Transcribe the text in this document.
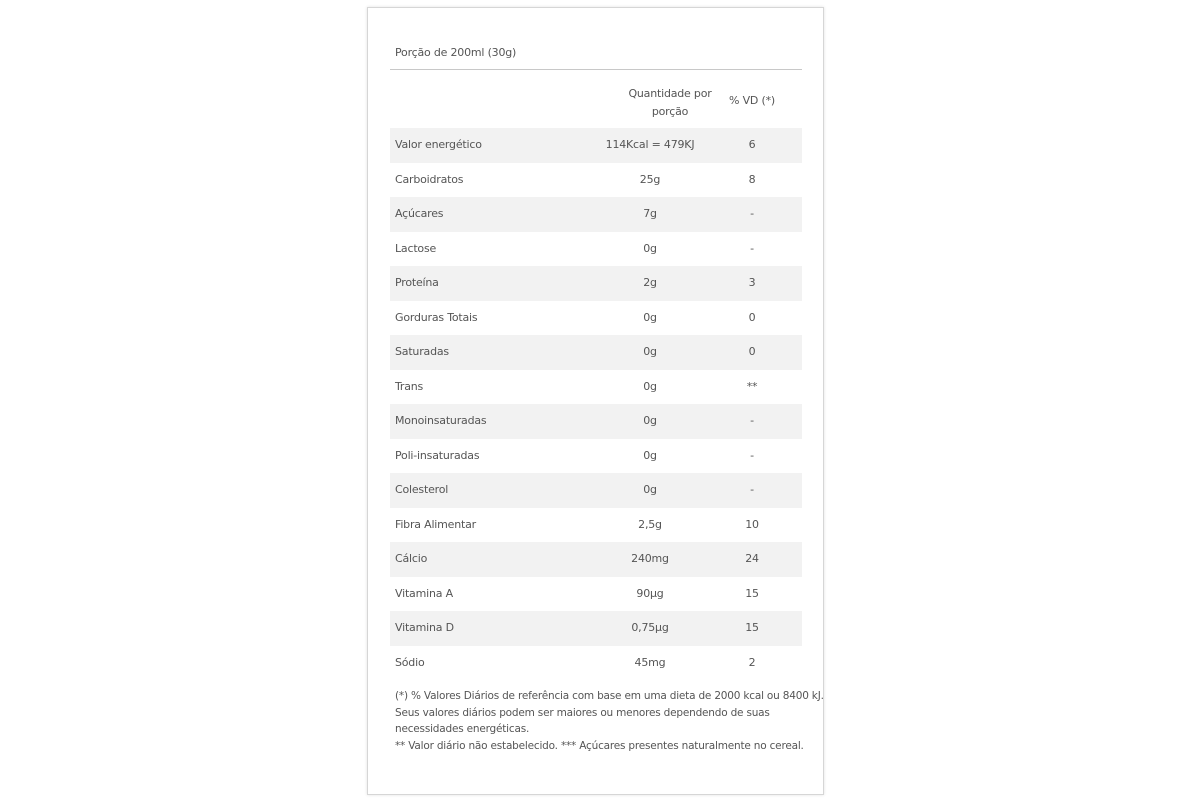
Porção de 200ml (30g)
Quantidade por
porção
% VD (*)
Valor energético	114Kcal = 479KJ	6
Carboidratos	25g	8
Açúcares	7g	-
Lactose	0g	-
Proteína	2g	3
Gorduras Totais	0g	0
Saturadas	0g	0
Trans	0g	**
Monoinsaturadas	0g	-
Poli-insaturadas	0g	-
Colesterol	0g	-
Fibra Alimentar	2,5g	10
Cálcio	240mg	24
Vitamina A	90µg	15
Vitamina D	0,75µg	15
Sódio	45mg	2
(*) % Valores Diários de referência com base em uma dieta de 2000 kcal ou 8400 kJ.
Seus valores diários podem ser maiores ou menores dependendo de suas
necessidades energéticas.
** Valor diário não estabelecido. *** Açúcares presentes naturalmente no cereal.
